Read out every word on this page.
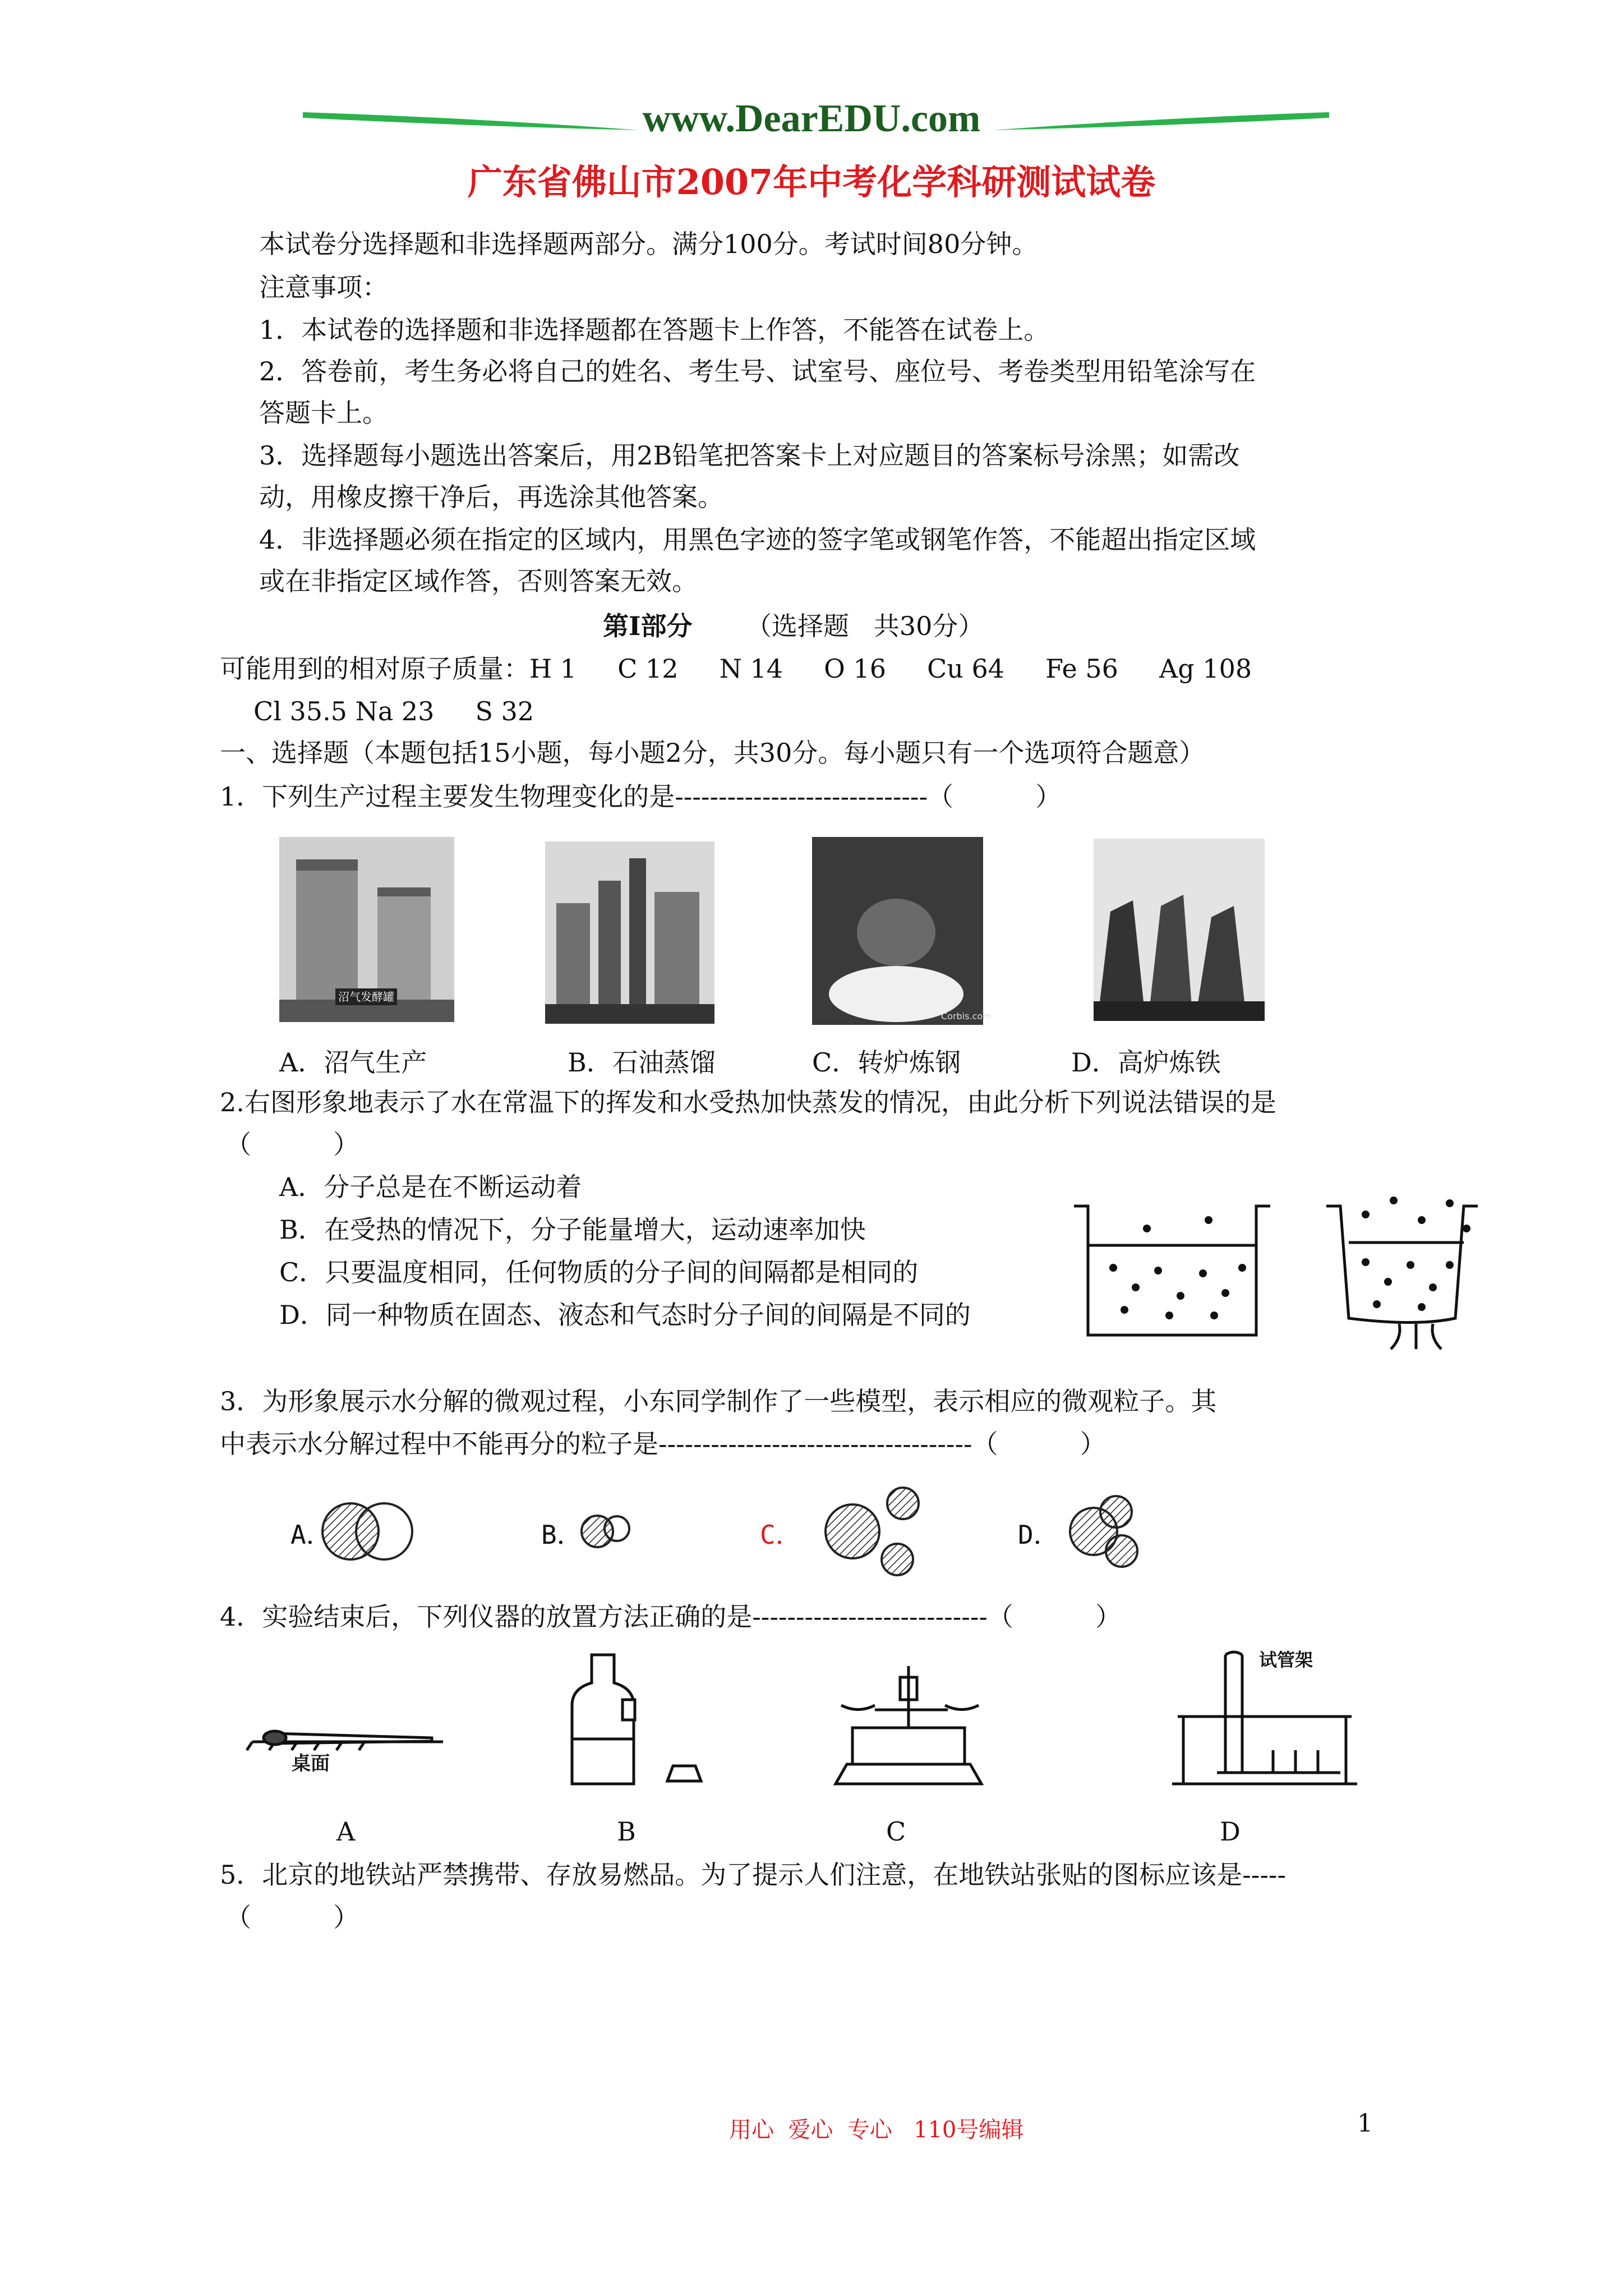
www.DearEDU.com
广东省佛山市2007年中考化学科研测试试卷
本试卷分选择题和非选择题两部分。满分100分。考试时间80分钟。
注意事项：
1．本试卷的选择题和非选择题都在答题卡上作答，不能答在试卷上。
2．答卷前，考生务必将自己的姓名、考生号、试室号、座位号、考卷类型用铅笔涂写在
答题卡上。
3．选择题每小题选出答案后，用2B铅笔把答案卡上对应题目的答案标号涂黑；如需改
动，用橡皮擦干净后，再选涂其他答案。
4．非选择题必须在指定的区域内，用黑色字迹的签字笔或钢笔作答，不能超出指定区域
或在非指定区域作答，否则答案无效。
第Ⅰ部分 （选择题   共30分）
可能用到的相对原子质量：H 1     C 12     N 14     O 16     Cu 64     Fe 56     Ag 108
Cl 35.5 Na 23     S 32
一、选择题（本题包括15小题，每小题2分，共30分。每小题只有一个选项符合题意）
1．下列生产过程主要发生物理变化的是-----------------------------（          ）
沼气发酵罐
Corbis.com
A．沼气生产	B．石油蒸馏	C．转炉炼钢	D．高炉炼铁
2.右图形象地表示了水在常温下的挥发和水受热加快蒸发的情况，由此分析下列说法错误的是
（          ）
A．分子总是在不断运动着
B．在受热的情况下，分子能量增大，运动速率加快
C．只要温度相同，任何物质的分子间的间隔都是相同的
D．同一种物质在固态、液态和气态时分子间的间隔是不同的
3．为形象展示水分解的微观过程，小东同学制作了一些模型，表示相应的微观粒子。其
中表示水分解过程中不能再分的粒子是------------------------------------（          ）
A．	B．	C．	D．
4．实验结束后，下列仪器的放置方法正确的是---------------------------（          ）
桌面
试管架
A	B	C	D
5．北京的地铁站严禁携带、存放易燃品。为了提示人们注意，在地铁站张贴的图标应该是-----
（          ）
用心  爱心  专心   110号编辑	1
